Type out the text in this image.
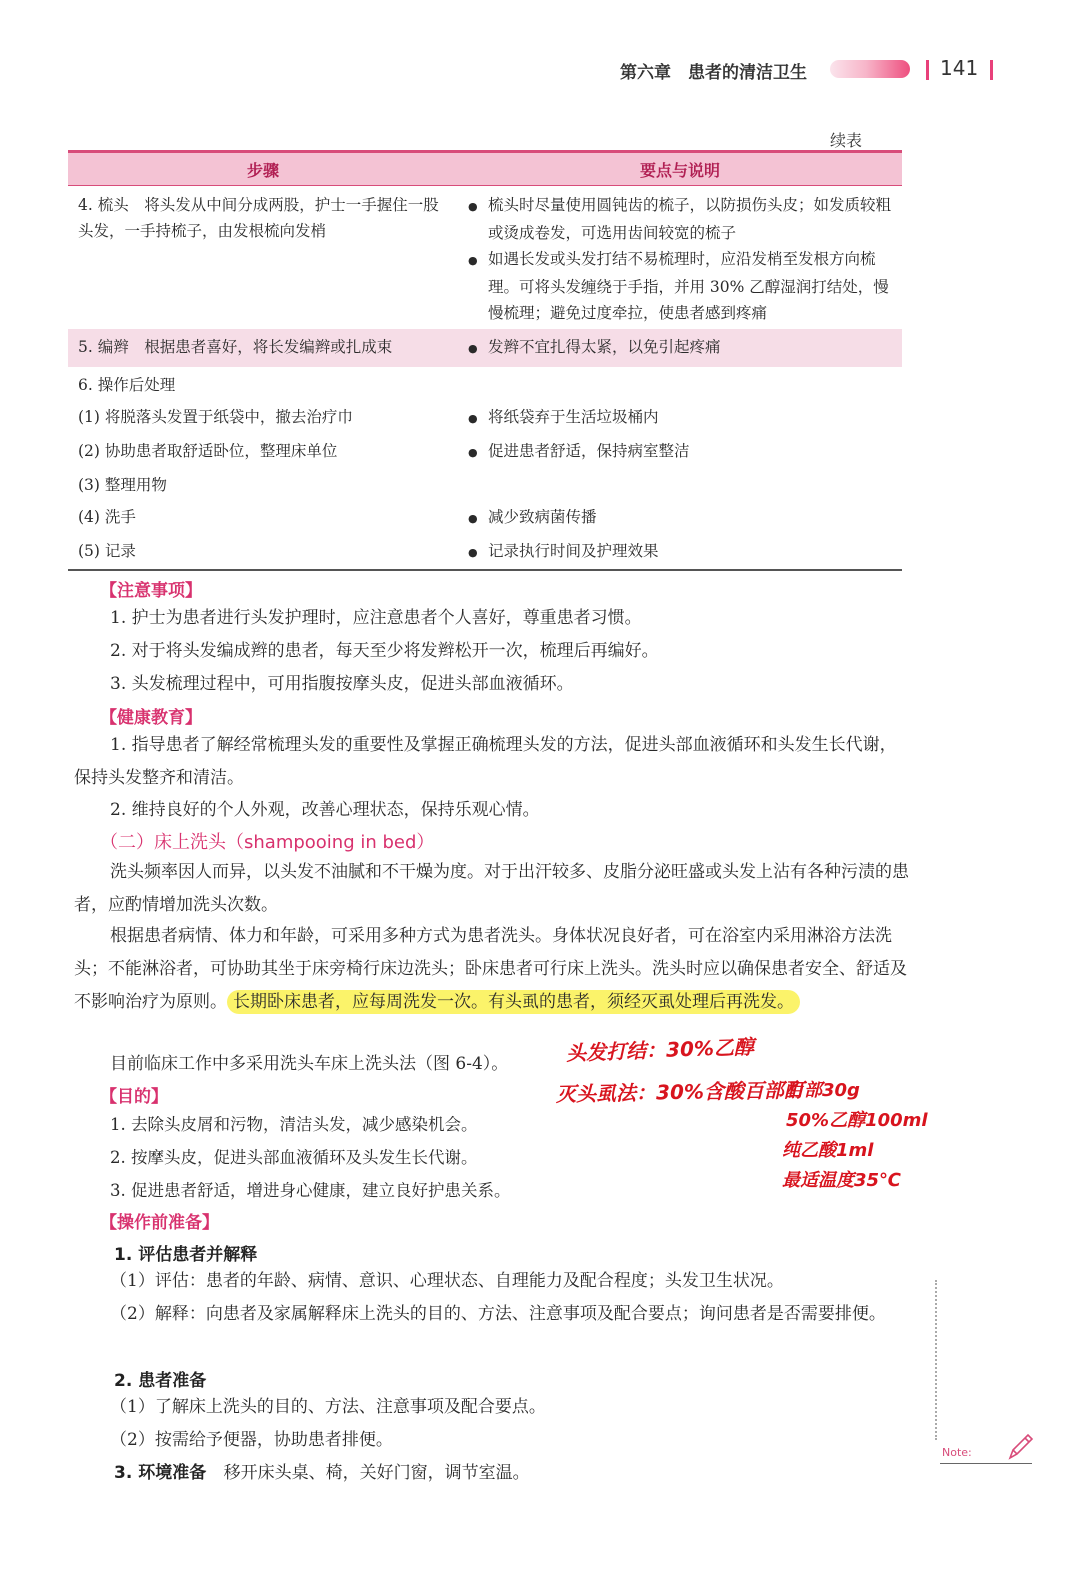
第六章　患者的清洁卫生	141
续表
步骤	要点与说明
4. 梳头　将头发从中间分成两股，护士一手握住一股头发，一手持梳子，由发根梳向发梢	● 梳头时尽量使用圆钝齿的梳子，以防损伤头皮；如发质较粗或烫成卷发，可选用齿间较宽的梳子
● 如遇长发或头发打结不易梳理时，应沿发梢至发根方向梳理。可将头发缠绕于手指，并用 30% 乙醇湿润打结处，慢慢梳理；避免过度牵拉，使患者感到疼痛

5. 编辫　根据患者喜好，将长发编辫或扎成束	● 发辫不宜扎得太紧，以免引起疼痛

6. 操作后处理	
(1) 将脱落头发置于纸袋中，撤去治疗巾	● 将纸袋弃于生活垃圾桶内

(2) 协助患者取舒适卧位，整理床单位	● 促进患者舒适，保持病室整洁

(3) 整理用物	
(4) 洗手	● 减少致病菌传播

(5) 记录	● 记录执行时间及护理效果
【注意事项】
1. 护士为患者进行头发护理时，应注意患者个人喜好，尊重患者习惯。
2. 对于将头发编成辫的患者，每天至少将发辫松开一次，梳理后再编好。
3. 头发梳理过程中，可用指腹按摩头皮，促进头部血液循环。
【健康教育】
1. 指导患者了解经常梳理头发的重要性及掌握正确梳理头发的方法，促进头部血液循环和头发生长代谢，保持头发整齐和清洁。
2. 维持良好的个人外观，改善心理状态，保持乐观心情。
（二）床上洗头（shampooing in bed）
洗头频率因人而异，以头发不油腻和不干燥为度。对于出汗较多、皮脂分泌旺盛或头发上沾有各种污渍的患者，应酌情增加洗头次数。
根据患者病情、体力和年龄，可采用多种方式为患者洗头。身体状况良好者，可在浴室内采用淋浴方法洗头；不能淋浴者，可协助其坐于床旁椅行床边洗头；卧床患者可行床上洗头。洗头时应以确保患者安全、舒适及不影响治疗为原则。 长期卧床患者，应每周洗发一次。有头虱的患者，须经灭虱处理后再洗发。
目前临床工作中多采用洗头车床上洗头法（图 6-4）。
【目的】
1. 去除头皮屑和污物，清洁头发，减少感染机会。
2. 按摩头皮，促进头部血液循环及头发生长代谢。
3. 促进患者舒适，增进身心健康，建立良好护患关系。
【操作前准备】
1. 评估患者并解释
（1）评估：患者的年龄、病情、意识、心理状态、自理能力及配合程度；头发卫生状况。
（2）解释：向患者及家属解释床上洗头的目的、方法、注意事项及配合要点；询问患者是否需要排便。
2. 患者准备
（1）了解床上洗头的目的、方法、注意事项及配合要点。
（2）按需给予便器，协助患者排便。
3. 环境准备 移开床头桌、椅，关好门窗，调节室温。
头发打结：30%乙醇
灭头虱法：30%含酸百部酊
百部30g
50%乙醇100ml
纯乙酸1ml
最适温度35℃
Note:
